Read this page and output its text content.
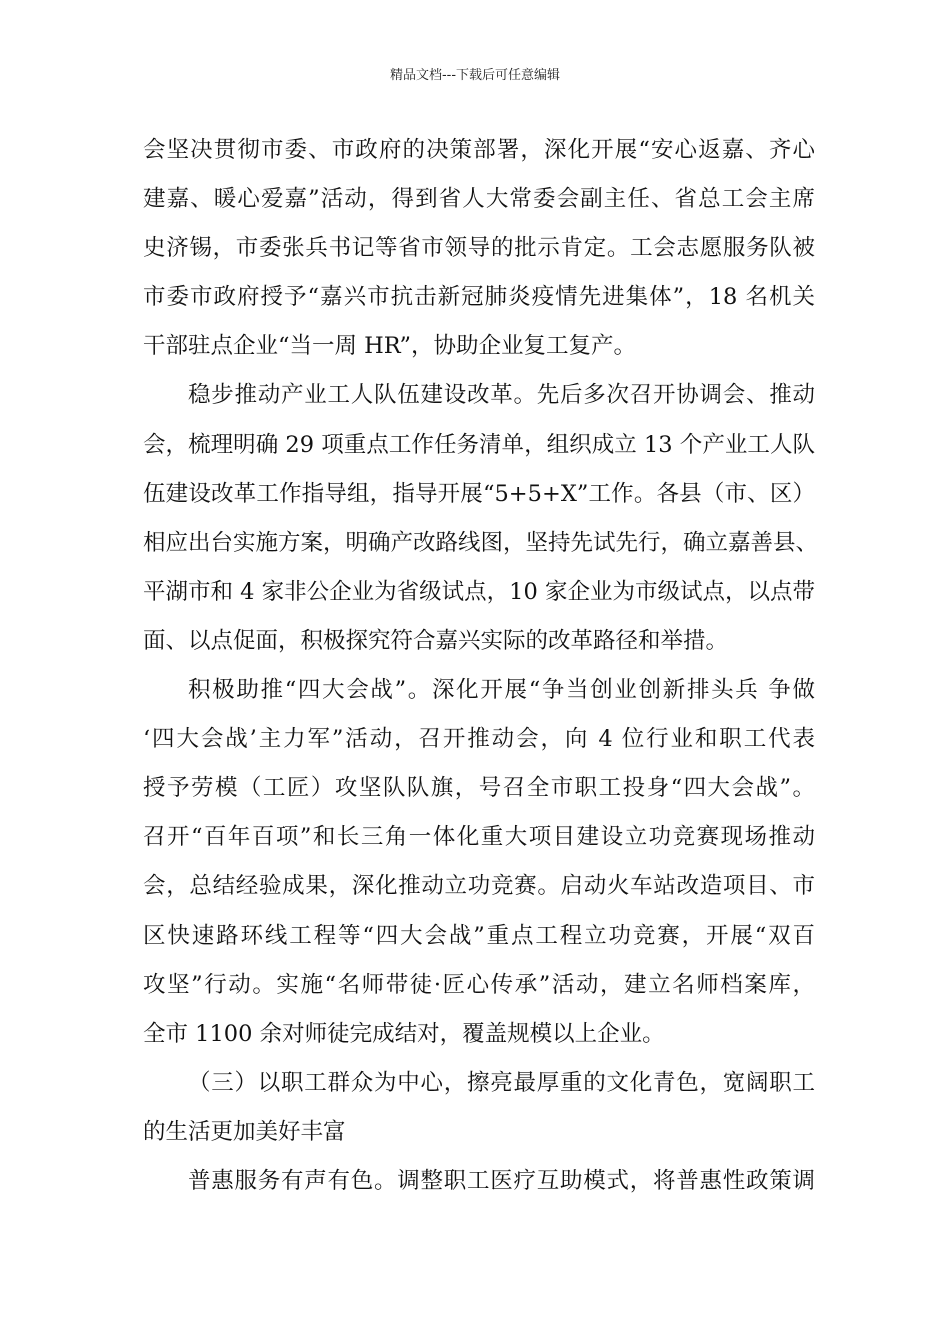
精品文档---下载后可任意编辑
会坚决贯彻市委、市政府的决策部署，深化开展“安心返嘉、齐心
建嘉、暖心爱嘉”活动，得到省人大常委会副主任、省总工会主席
史济锡，市委张兵书记等省市领导的批示肯定。工会志愿服务队被
市委市政府授予“嘉兴市抗击新冠肺炎疫情先进集体”，18 名机关
干部驻点企业“当一周 HR”，协助企业复工复产。
稳步推动产业工人队伍建设改革。先后多次召开协调会、推动
会，梳理明确 29 项重点工作任务清单，组织成立 13 个产业工人队
伍建设改革工作指导组，指导开展“5+5+X”工作。各县（市、区）
相应出台实施方案，明确产改路线图，坚持先试先行，确立嘉善县、
平湖市和 4 家非公企业为省级试点，10 家企业为市级试点，以点带
面、以点促面，积极探究符合嘉兴实际的改革路径和举措。
积极助推“四大会战”。深化开展“争当创业创新排头兵 争做
‘四大会战’主力军”活动，召开推动会，向 4 位行业和职工代表
授予劳模（工匠）攻坚队队旗，号召全市职工投身“四大会战”。
召开“百年百项”和长三角一体化重大项目建设立功竞赛现场推动
会，总结经验成果，深化推动立功竞赛。启动火车站改造项目、市
区快速路环线工程等“四大会战”重点工程立功竞赛，开展“双百
攻坚”行动。实施“名师带徒·匠心传承”活动，建立名师档案库，
全市 1100 余对师徒完成结对，覆盖规模以上企业。
（三）以职工群众为中心，擦亮最厚重的文化青色，宽阔职工
的生活更加美好丰富
普惠服务有声有色。调整职工医疗互助模式，将普惠性政策调
